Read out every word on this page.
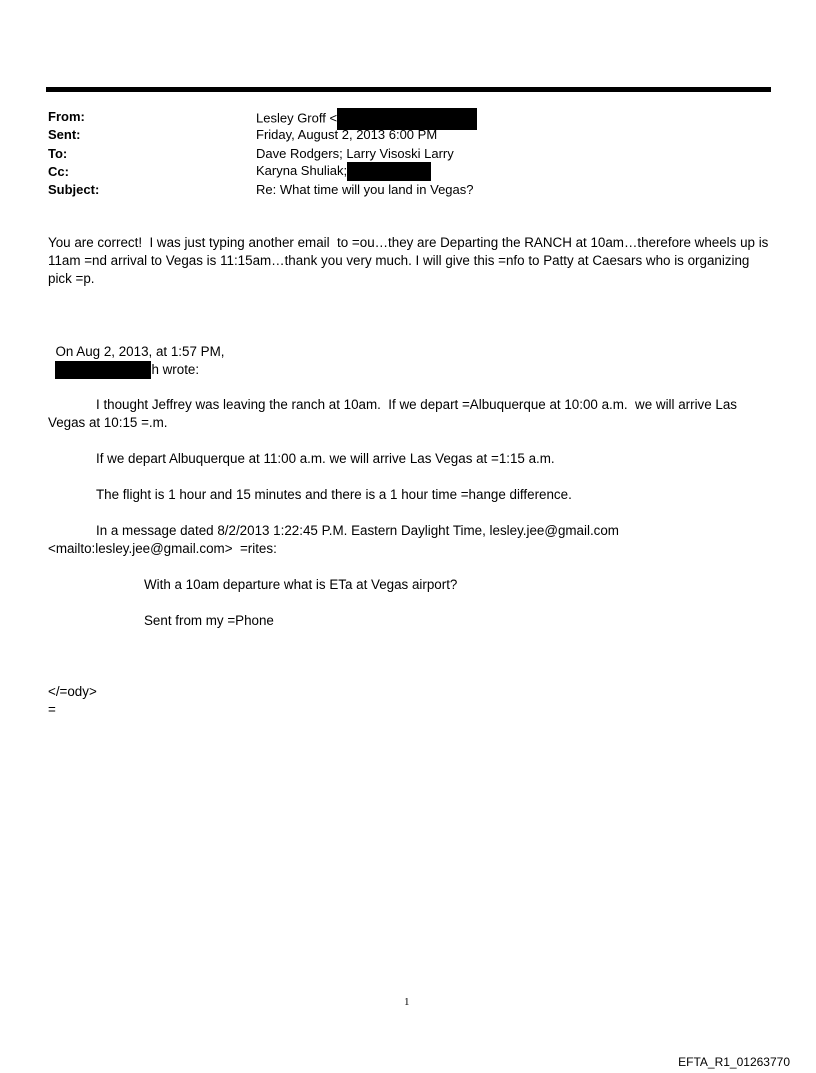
From:	Lesley Groff <
Sent:	Friday, August 2, 2013 6:00 PM
To:	Dave Rodgers; Larry Visoski Larry
Cc:	Karyna Shuliak;
Subject:	Re: What time will you land in Vegas?
You are correct!  I was just typing another email  to =ou…they are Departing the RANCH at 10am…therefore wheels up is
11am =nd arrival to Vegas is 11:15am…thank you very much. I will give this =nfo to Patty at Caesars who is organizing
pick =p.

On Aug 2, 2013, at 1:57 PM,
h wrote:

I thought Jeffrey was leaving the ranch at 10am.  If we depart =Albuquerque at 10:00 a.m.  we will arrive Las
Vegas at 10:15 =.m.
If we depart Albuquerque at 11:00 a.m. we will arrive Las Vegas at =1:15 a.m.
The flight is 1 hour and 15 minutes and there is a 1 hour time =hange difference.
In a message dated 8/2/2013 1:22:45 P.M. Eastern Daylight Time, lesley.jee@gmail.com
<mailto:lesley.jee@gmail.com>  =rites:
With a 10am departure what is ETa at Vegas airport?
Sent from my =Phone
</=ody>
=
1
EFTA_R1_01263770
